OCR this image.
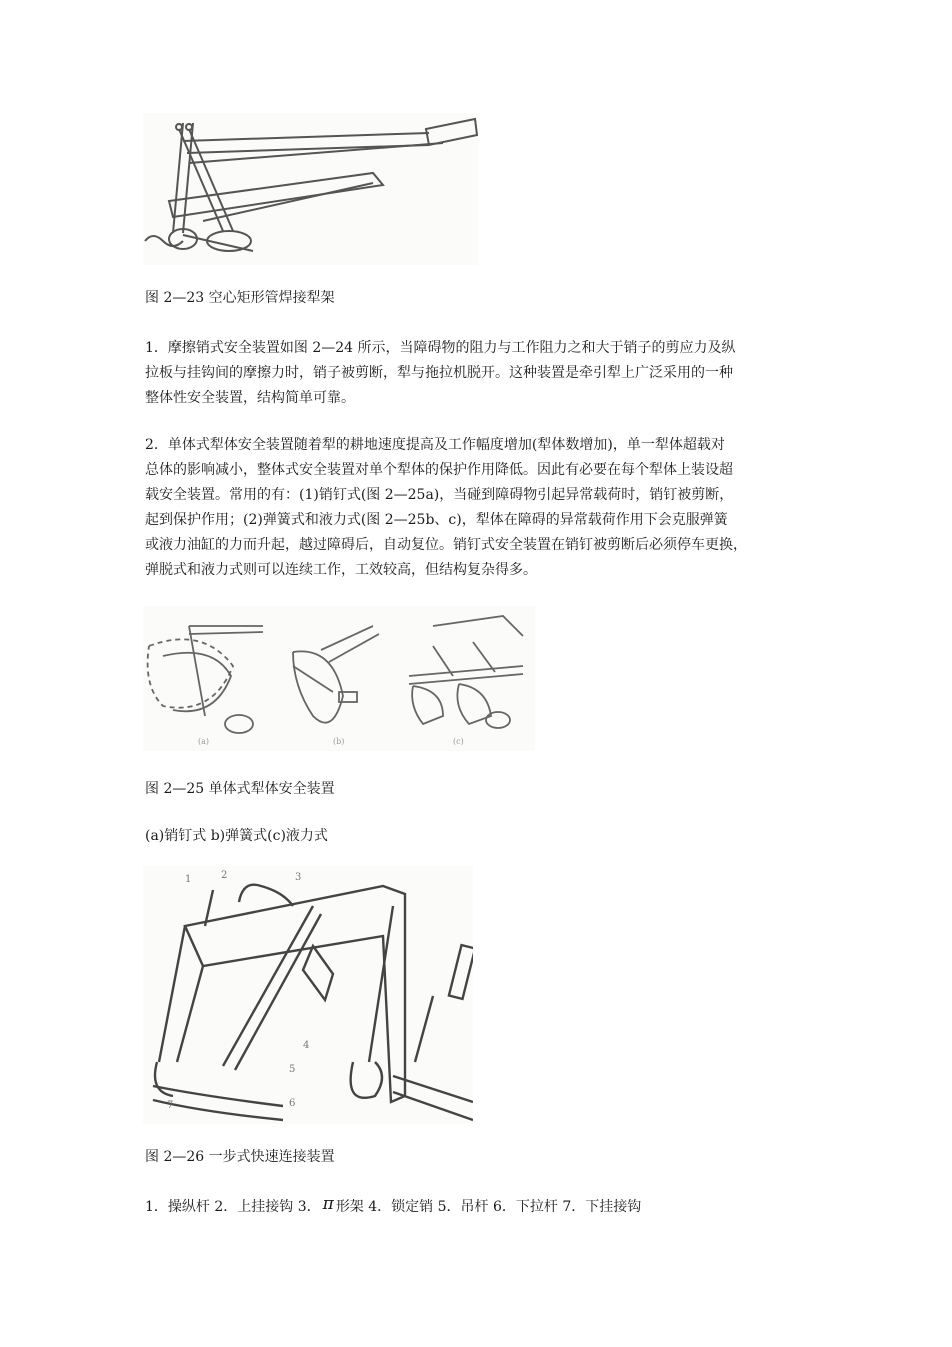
图 2—23 空心矩形管焊接犁架
1．摩擦销式安全装置如图 2—24 所示，当障碍物的阻力与工作阻力之和大于销子的剪应力及纵
拉板与挂钩间的摩擦力时，销子被剪断，犁与拖拉机脱开。这种装置是牵引犁上广泛采用的一种
整体性安全装置，结构简单可靠。
2．单体式犁体安全装置随着犁的耕地速度提高及工作幅度增加(犁体数增加)，单一犁体超载对
总体的影响减小，整体式安全装置对单个犁体的保护作用降低。因此有必要在每个犁体上装设超
载安全装置。常用的有：(1)销钉式(图 2—25a)，当碰到障碍物引起异常载荷时，销钉被剪断，
起到保护作用；(2)弹簧式和液力式(图 2—25b、c)，犁体在障碍的异常载荷作用下会克服弹簧
或液力油缸的力而升起，越过障碍后，自动复位。销钉式安全装置在销钉被剪断后必须停车更换，
弹脱式和液力式则可以连续工作，工效较高，但结构复杂得多。
(a)	(b)	(c)
图 2—25 单体式犁体安全装置
(a)销钉式 b)弹簧式(c)液力式
1	2	3
4
5
6
7
图 2—26 一步式快速连接装置
1．操纵杆 2．上挂接钩 3． π 形架 4．锁定销 5．吊杆 6．下拉杆 7．下挂接钩
